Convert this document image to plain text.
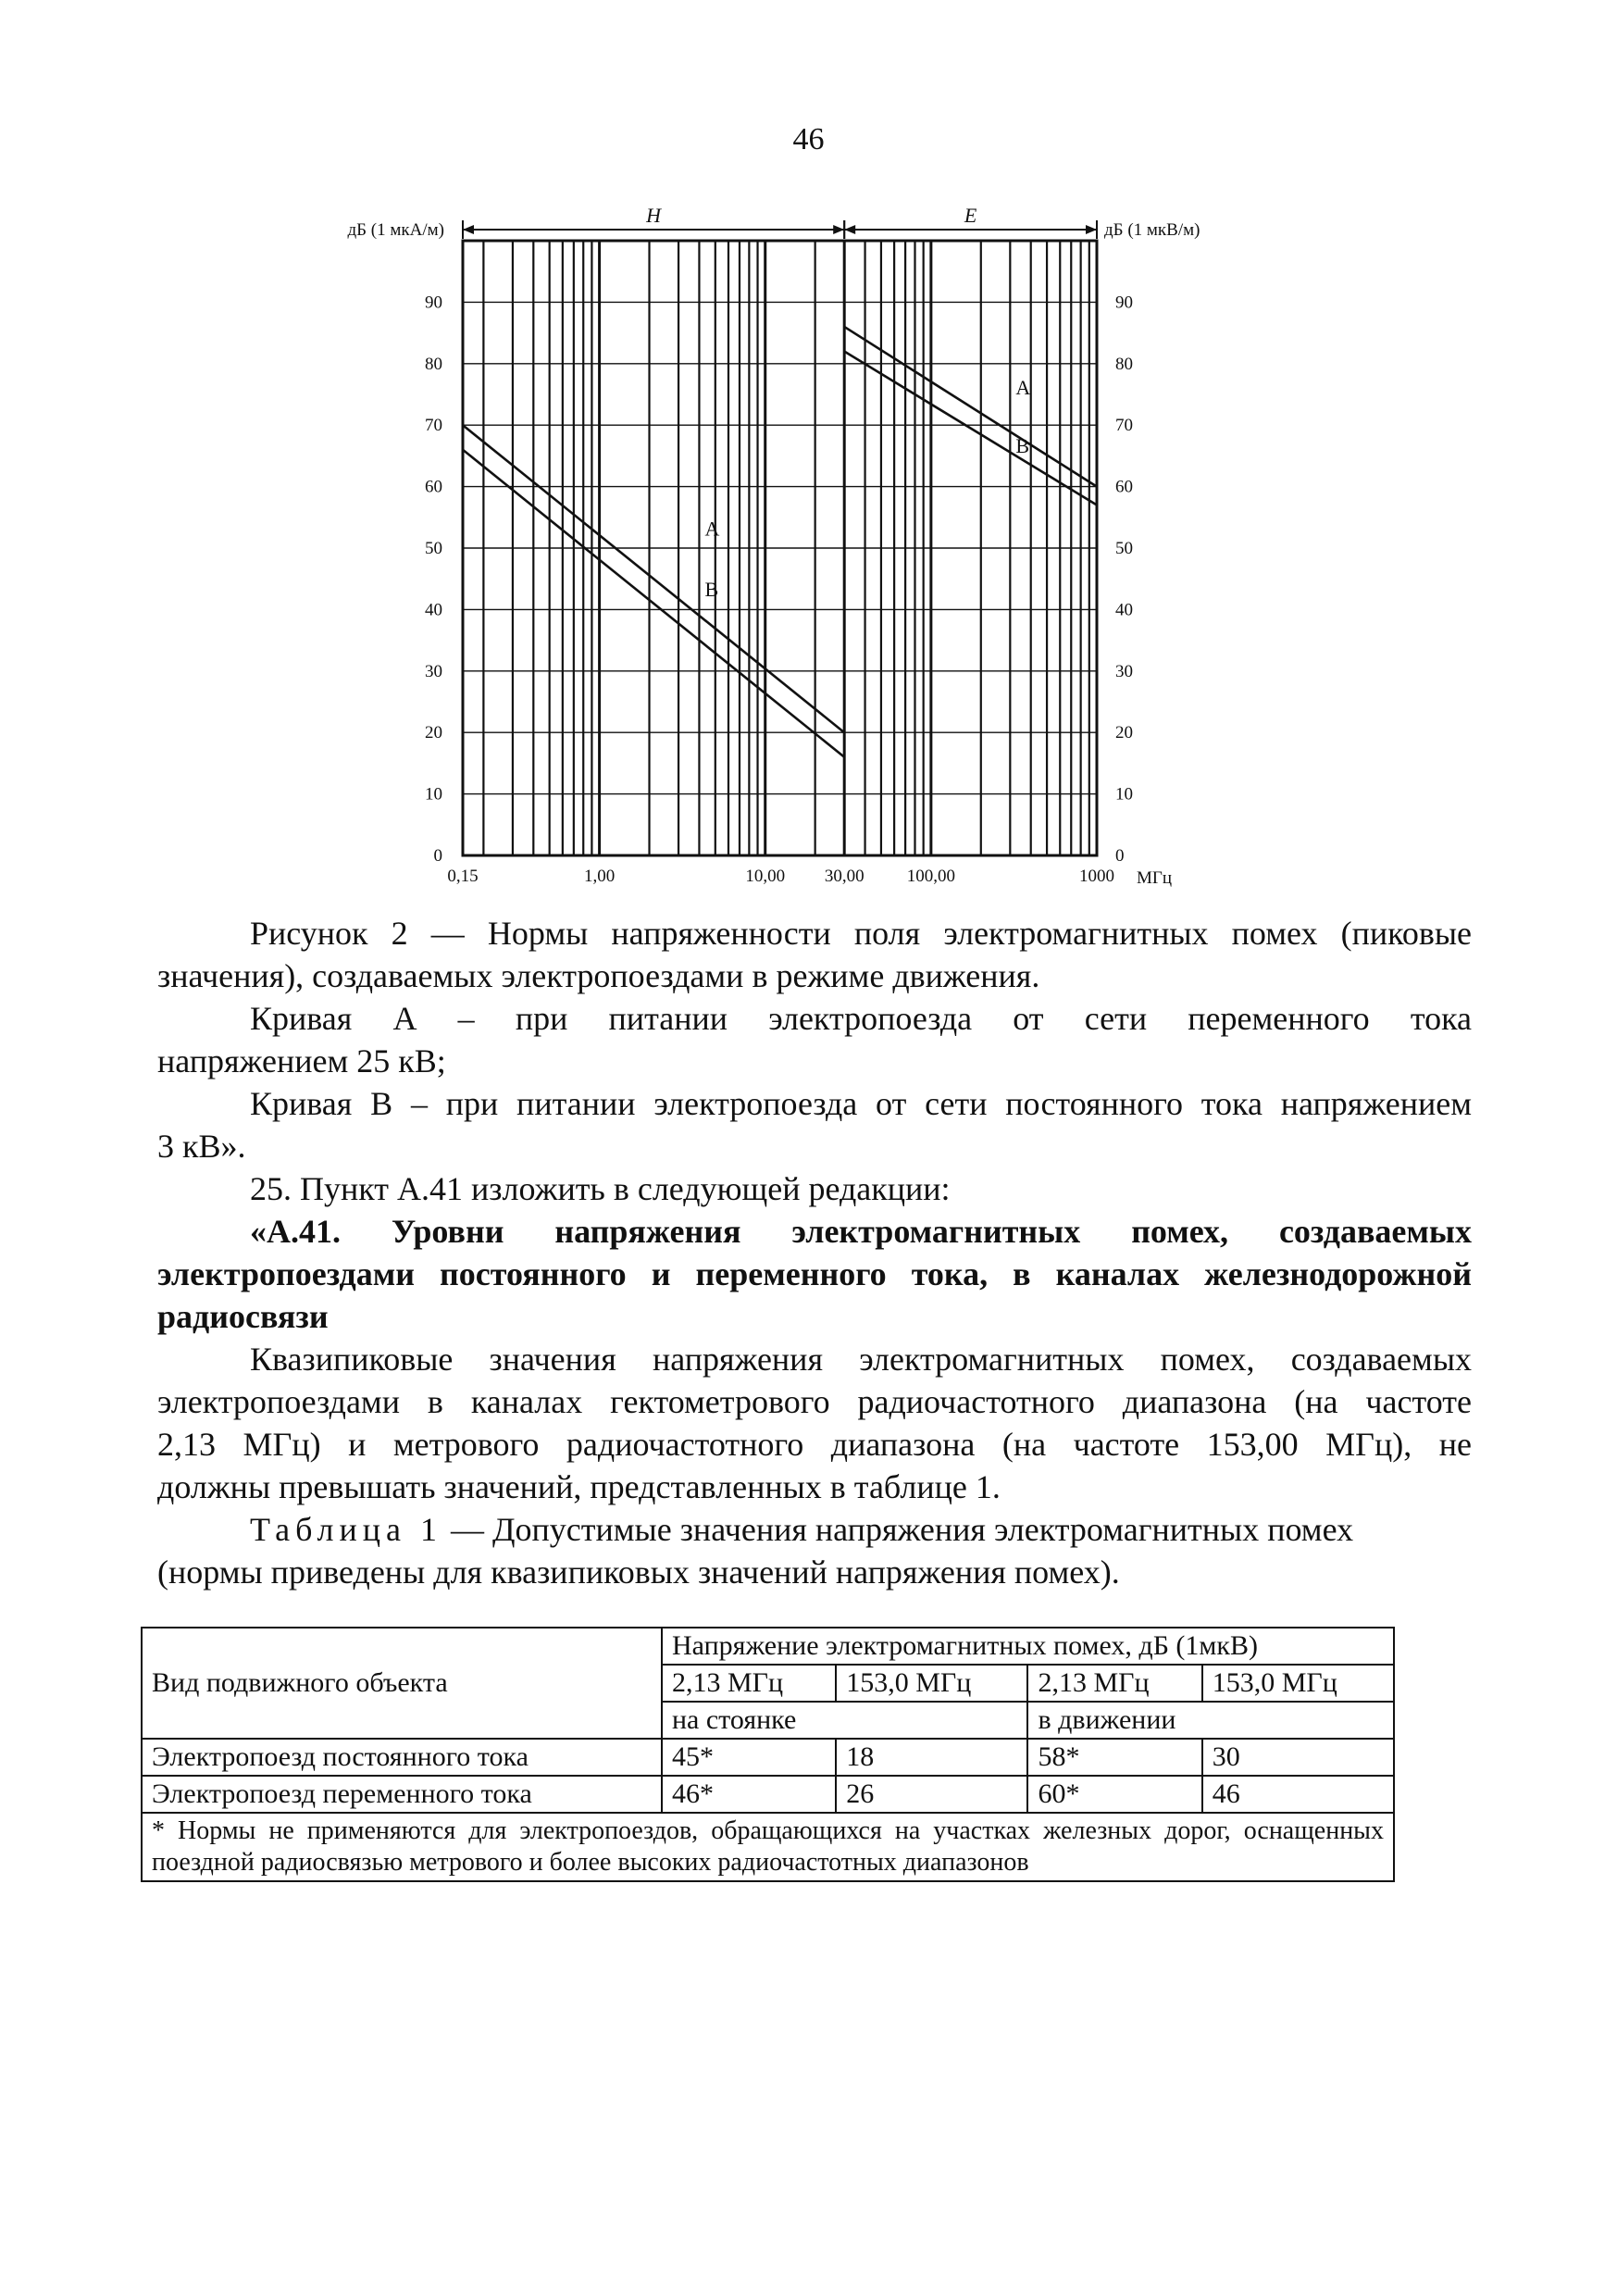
46
0	0
10	10
20	20
30	30
40	40
50	50
60	60
70	70
80	80
90	90
0,15	1,00	10,00 30,00 100,00	1000 МГц
дБ (1 мкА/м)	дБ (1 мкВ/м)
H	E
A
B
A
B
Рисунок 2 — Нормы напряженности поля электромагнитных помех (пиковые
значения), создаваемых электропоездами в режиме движения.
Кривая А – при питании электропоезда от сети переменного тока
напряжением 25 кВ;
Кривая В – при питании электропоезда от сети постоянного тока напряжением
3 кВ».
25. Пункт А.41 изложить в следующей редакции:
«А.41. Уровни напряжения электромагнитных помех, создаваемых
электропоездами постоянного и переменного тока, в каналах железнодорожной
радиосвязи
Квазипиковые значения напряжения электромагнитных помех, создаваемых
электропоездами в каналах гектометрового радиочастотного диапазона (на частоте
2,13 МГц) и метрового радиочастотного диапазона (на частоте 153,00 МГц), не
должны превышать значений, представленных в таблице 1.
Таблица 1 — Допустимые значения напряжения электромагнитных помех
(нормы приведены для квазипиковых значений напряжения помех).
Вид подвижного объекта	Напряжение электромагнитных помех, дБ (1мкВ)			
	2,13 МГц	153,0 МГц	2,13 МГц	153,0 МГц
	на стоянке		в движении	
Электропоезд постоянного тока	45*	18	58*	30
Электропоезд переменного тока	46*	26	60*	46
* Нормы не применяются для электропоездов, обращающихся на участках железных дорог, оснащенных поездной радиосвязью метрового и более высоких радиочастотных диапазонов				
